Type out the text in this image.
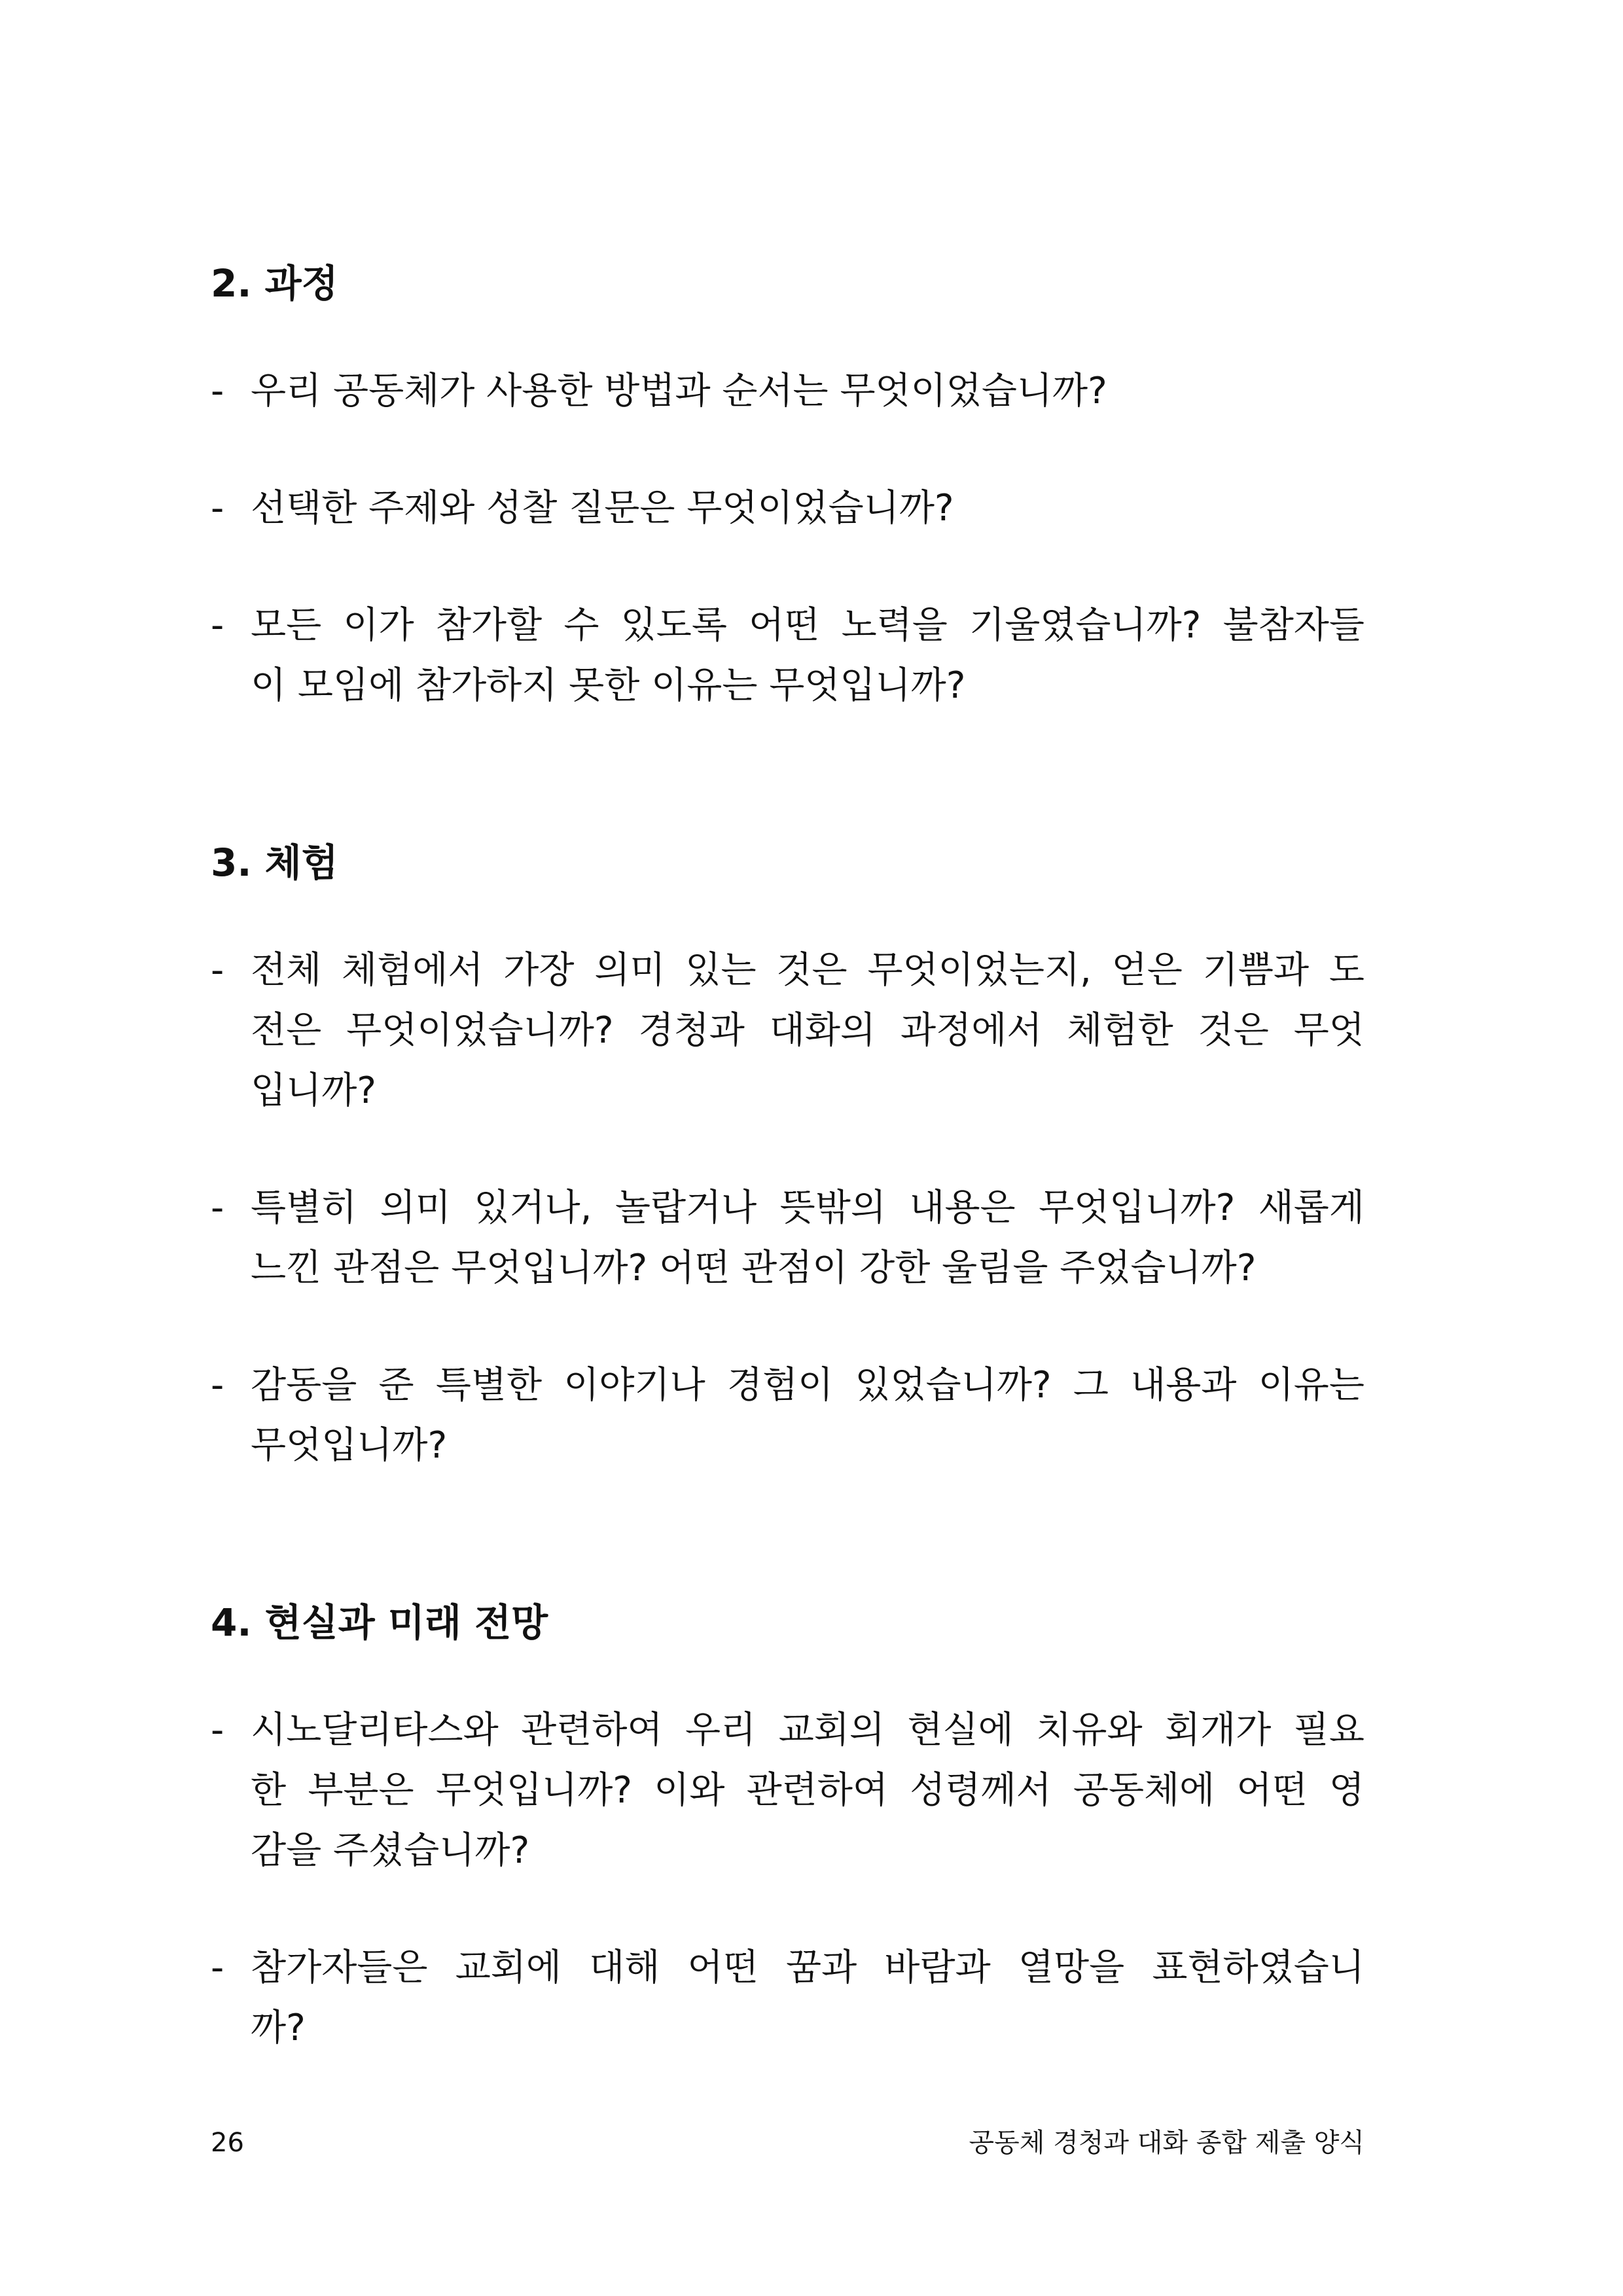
2. 과정
- 우리 공동체가 사용한 방법과 순서는 무엇이었습니까?
- 선택한 주제와 성찰 질문은 무엇이었습니까?
- 모든 이가 참가할 수 있도록 어떤 노력을 기울였습니까? 불참자들
이 모임에 참가하지 못한 이유는 무엇입니까?
3. 체험
- 전체 체험에서 가장 의미 있는 것은 무엇이었는지, 얻은 기쁨과 도
전은 무엇이었습니까? 경청과 대화의 과정에서 체험한 것은 무엇
입니까?
- 특별히 의미 있거나, 놀랍거나 뜻밖의 내용은 무엇입니까? 새롭게
느낀 관점은 무엇입니까? 어떤 관점이 강한 울림을 주었습니까?
- 감동을 준 특별한 이야기나 경험이 있었습니까? 그 내용과 이유는
무엇입니까?
4. 현실과 미래 전망
- 시노달리타스와 관련하여 우리 교회의 현실에 치유와 회개가 필요
한 부분은 무엇입니까? 이와 관련하여 성령께서 공동체에 어떤 영
감을 주셨습니까?
- 참가자들은 교회에 대해 어떤 꿈과 바람과 열망을 표현하였습니
까?
26	공동체 경청과 대화 종합 제출 양식
